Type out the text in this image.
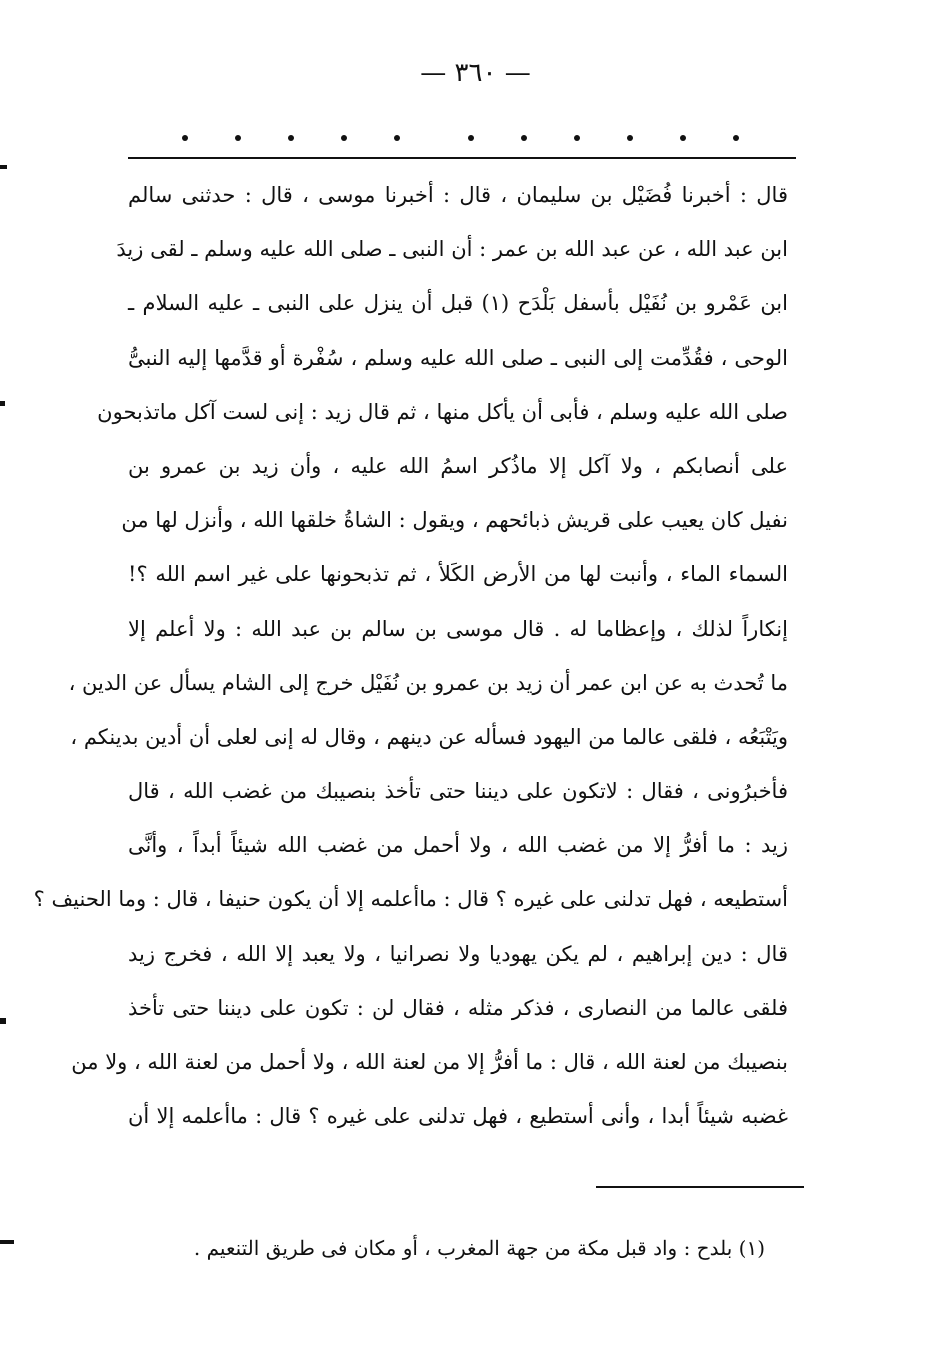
— ٣٦٠ —
قال : أخبرنا فُضَيْل بن سليمان ، قال : أخبرنا موسى ، قال : حدثنى سالم
ابن عبد الله ، عن عبد الله بن عمر : أن النبى ـ صلى الله عليه وسلم ـ لقى زيدَ
ابن عَمْرو بن نُفَيْل بأسفل بَلْدَح (١) قبل أن ينزل على النبى ـ عليه السلام ـ
الوحى ، فقُدِّمت إلى النبى ـ صلى الله عليه وسلم ، سُفْرة أو قدَّمها إليه النبىُّ
صلى الله عليه وسلم ، فأبى أن يأكل منها ، ثم قال زيد : إنى لست آكل ماتذبحون
على أنصابكم ، ولا آكل إلا ماذُكر اسمُ الله عليه ، وأن زيد بن عمرو بن
نفيل كان يعيب على قريش ذبائحهم ، ويقول : الشاةُ خلقها الله ، وأنزل لها من
السماء الماء ، وأنبت لها من الأرض الكَلأ ، ثم تذبحونها على غير اسم الله ؟!
إنكاراً لذلك ، وإعظاما له . قال موسى بن سالم بن عبد الله : ولا أعلم إلا
ما تُحدث به عن ابن عمر أن زيد بن عمرو بن نُفَيْل خرج إلى الشام يسأل عن الدين ،
ويَتْبَعُه ، فلقى عالما من اليهود فسأله عن دينهم ، وقال له إنى لعلى أن أدين بدينكم ،
فأخبرُونى ، فقال : لاتكون على ديننا حتى تأخذ بنصيبك من غضب الله ، قال
زيد : ما أفرُّ إلا من غضب الله ، ولا أحمل من غضب الله شيئاً أبداً ، وأنَّى
أستطيعه ، فهل تدلنى على غيره ؟ قال : ماأعلمه إلا أن يكون حنيفا ، قال : وما الحنيف ؟
قال : دين إبراهيم ، لم يكن يهوديا ولا نصرانيا ، ولا يعبد إلا الله ، فخرج زيد
فلقى عالما من النصارى ، فذكر مثله ، فقال لن : تكون على ديننا حتى تأخذ
بنصيبك من لعنة الله ، قال : ما أفرُّ إلا من لعنة الله ، ولا أحمل من لعنة الله ، ولا من
غضبه شيئاً أبدا ، وأنى أستطيع ، فهل تدلنى على غيره ؟ قال : ماأعلمه إلا أن
(١) بلدح : واد قبل مكة من جهة المغرب ، أو مكان فى طريق التنعيم .
